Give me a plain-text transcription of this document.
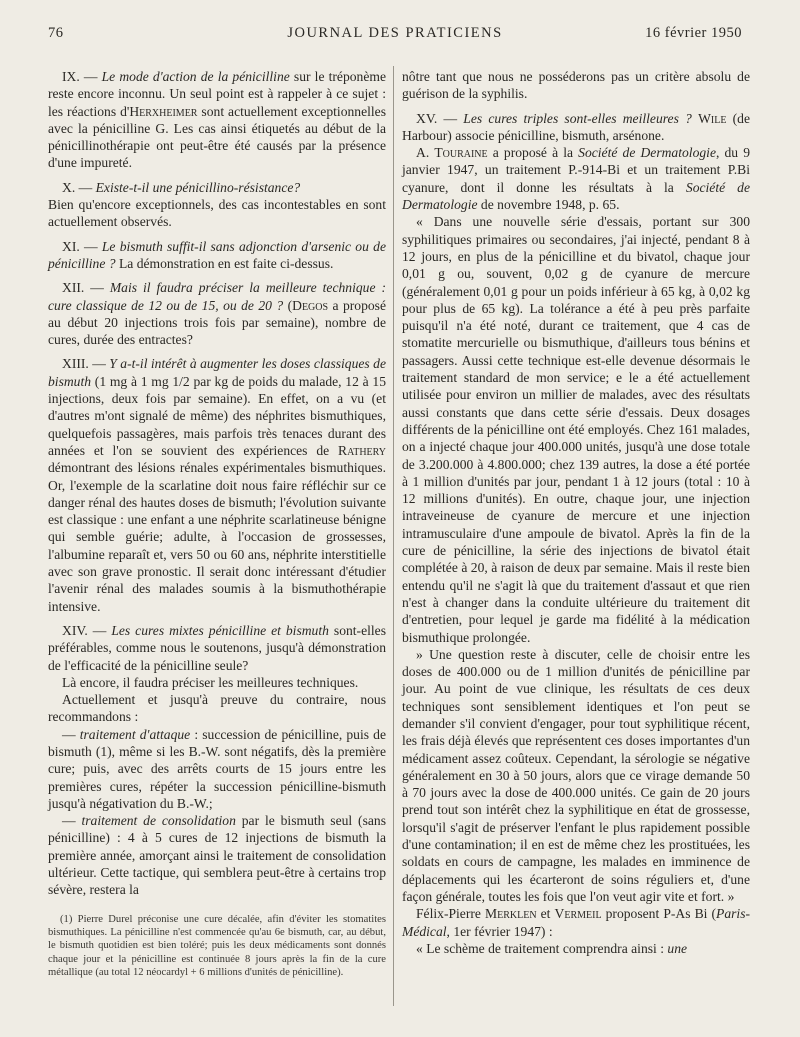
76	JOURNAL DES PRATICIENS	16 février 1950

IX. — Le mode d'action de la pénicilline sur le tréponème reste encore inconnu. Un seul point est à rappeler à ce sujet : les réactions d'Herxheimer sont actuellement exceptionnelles avec la pénicilline G. Les cas ainsi étiquetés au début de la pénicillinothérapie ont peut-être été causés par la présence d'une impureté.

X. — Existe-t-il une pénicillino-résistance?
Bien qu'encore exceptionnels, des cas incontestables en sont actuellement observés.

XI. — Le bismuth suffit-il sans adjonction d'arsenic ou de pénicilline ? La démonstration en est faite ci-dessus.

XII. — Mais il faudra préciser la meilleure technique : cure classique de 12 ou de 15, ou de 20 ? (Degos a proposé au début 20 injections trois fois par semaine), nombre de cures, durée des entractes?

XIII. — Y a-t-il intérêt à augmenter les doses classiques de bismuth (1 mg à 1 mg 1/2 par kg de poids du malade, 12 à 15 injections, deux fois par semaine). En effet, on a vu (et d'autres m'ont signalé de même) des néphrites bismuthiques, quelquefois passagères, mais parfois très tenaces durant des années et l'on se souvient des expériences de Rathery démontrant des lésions rénales expérimentales bismuthiques. Or, l'exemple de la scarlatine doit nous faire réfléchir sur ce danger rénal des hautes doses de bismuth; l'évolution suivante est classique : une enfant a une néphrite scarlatineuse bénigne qui semble guérie; adulte, à l'occasion de grossesses, l'albumine reparaît et, vers 50 ou 60 ans, néphrite interstitielle avec son grave pronostic. Il serait donc intéressant d'étudier l'avenir rénal des malades soumis à la bismuthothérapie intensive.

XIV. — Les cures mixtes pénicilline et bismuth sont-elles préférables, comme nous le soutenons, jusqu'à démonstration de l'efficacité de la pénicilline seule?

Là encore, il faudra préciser les meilleures techniques.

Actuellement et jusqu'à preuve du contraire, nous recommandons :

— traitement d'attaque : succession de pénicilline, puis de bismuth (1), même si les B.-W. sont négatifs, dès la première cure; puis, avec des arrêts courts de 15 jours entre les premières cures, répéter la succession pénicilline-bismuth jusqu'à négativation du B.-W.;

— traitement de consolidation par le bismuth seul (sans pénicilline) : 4 à 5 cures de 12 injections de bismuth la première année, amorçant ainsi le traitement de consolidation ultérieur. Cette tactique, qui semblera peut-être à certains trop sévère, restera la

(1) Pierre Durel préconise une cure décalée, afin d'éviter les stomatites bismuthiques. La pénicilline n'est commencée qu'au 6e bismuth, car, au début, le bismuth quotidien est bien toléré; puis les deux médicaments sont donnés chaque jour et la pénicilline est continuée 8 jours après la fin de la cure métallique (au total 12 néocardyl + 6 millions d'unités de pénicilline).

nôtre tant que nous ne posséderons pas un critère absolu de guérison de la syphilis.

XV. — Les cures triples sont-elles meilleures ? Wile (de Harbour) associe pénicilline, bismuth, arsénone.

A. Touraine a proposé à la Société de Dermatologie, du 9 janvier 1947, un traitement P.-914-Bi et un traitement P.Bi cyanure, dont il donne les résultats à la Société de Dermatologie de novembre 1948, p. 65.

« Dans une nouvelle série d'essais, portant sur 300 syphilitiques primaires ou secondaires, j'ai injecté, pendant 8 à 12 jours, en plus de la pénicilline et du bivatol, chaque jour 0,01 g ou, souvent, 0,02 g de cyanure de mercure (généralement 0,01 g pour un poids inférieur à 65 kg, à 0,02 kg pour plus de 65 kg). La tolérance a été à peu près parfaite puisqu'il n'a été noté, durant ce traitement, que 4 cas de stomatite mercurielle ou bismuthique, d'ailleurs tous bénins et passagers. Aussi cette technique est-elle devenue désormais le traitement standard de mon service; e le a été actuellement utilisée pour environ un millier de malades, avec des résultats aussi constants que dans cette série d'essais. Deux dosages différents de la pénicilline ont été employés. Chez 161 malades, on a injecté chaque jour 400.000 unités, jusqu'à une dose totale de 3.200.000 à 4.800.000; chez 139 autres, la dose a été portée à 1 million d'unités par jour, pendant 1 à 12 jours (total : 10 à 12 millions d'unités). En outre, chaque jour, une injection intraveineuse de cyanure de mercure et une injection intramusculaire d'une ampoule de bivatol. Après la fin de la cure de pénicilline, la série des injections de bivatol était complétée à 20, à raison de deux par semaine. Mais il reste bien entendu qu'il ne s'agit là que du traitement d'assaut et que rien n'est à changer dans la conduite ultérieure du traitement dit d'entretien, pour lequel je garde ma fidélité à la médication bismuthique prolongée.

» Une question reste à discuter, celle de choisir entre les doses de 400.000 ou de 1 million d'unités de pénicilline par jour. Au point de vue clinique, les résultats de ces deux techniques sont sensiblement identiques et l'on peut se demander s'il convient d'engager, pour tout syphilitique récent, les frais déjà élevés que représentent ces doses importantes d'un médicament assez coûteux. Cependant, la sérologie se négative généralement en 30 à 50 jours, alors que ce virage demande 50 à 70 jours avec la dose de 400.000 unités. Ce gain de 20 jours prend tout son intérêt chez la syphilitique en état de grossesse, lorsqu'il s'agit de préserver l'enfant le plus rapidement possible d'une contamination; il en est de même chez les prostituées, les soldats en cours de campagne, les malades en imminence de déplacements qui les écarteront de soins réguliers et, d'une façon générale, toutes les fois que l'on veut agir vite et fort. »

Félix-Pierre Merklen et Vermeil proposent P-As Bi (Paris-Médical, 1er février 1947) :

« Le schème de traitement comprendra ainsi : une
